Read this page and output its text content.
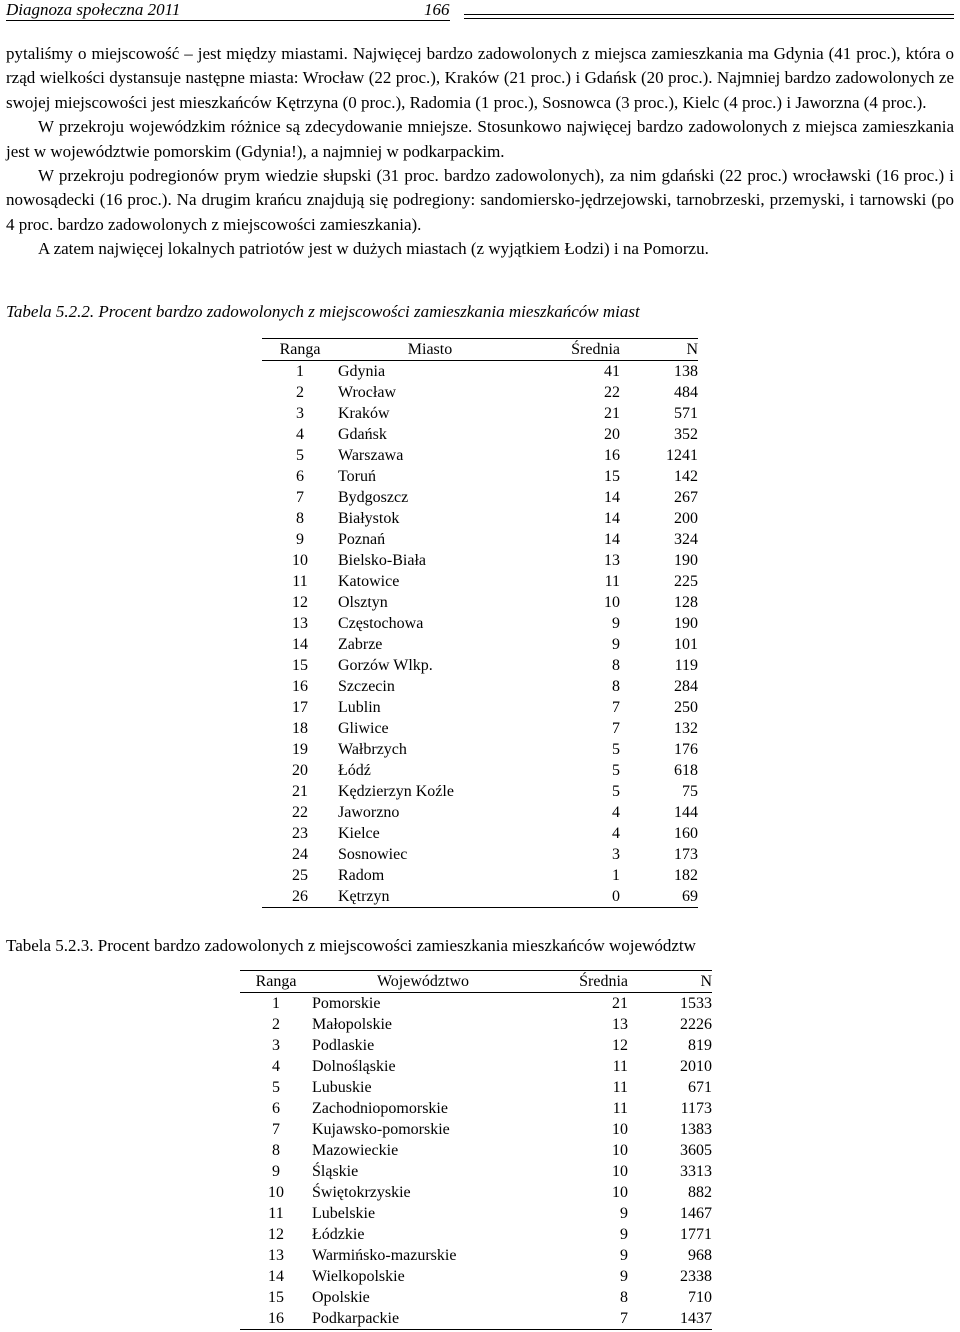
Diagnoza społeczna 2011	166

pytaliśmy o miejscowość – jest między miastami. Najwięcej bardzo zadowolonych z miejsca zamieszkania ma Gdynia (41 proc.), która o rząd wielkości dystansuje następne miasta: Wrocław (22 proc.), Kraków (21 proc.) i Gdańsk (20 proc.). Najmniej bardzo zadowolonych ze swojej miejscowości jest mieszkańców Kętrzyna (0 proc.), Radomia (1 proc.), Sosnowca (3 proc.), Kielc (4 proc.) i Jaworzna (4 proc.).

W przekroju wojewódzkim różnice są zdecydowanie mniejsze. Stosunkowo najwięcej bardzo zadowolonych z miejsca zamieszkania jest w województwie pomorskim (Gdynia!), a najmniej w podkarpackim.

W przekroju podregionów prym wiedzie słupski (31 proc. bardzo zadowolonych), za nim gdański (22 proc.) wrocławski (16 proc.) i nowosądecki (16 proc.). Na drugim krańcu znajdują się podregiony: sandomiersko-jędrzejowski, tarnobrzeski, przemyski, i tarnowski (po 4 proc. bardzo zadowolonych z miejscowości zamieszkania).

A zatem najwięcej lokalnych patriotów jest w dużych miastach (z wyjątkiem Łodzi) i na Pomorzu.

Tabela 5.2.2. Procent bardzo zadowolonych z miejscowości zamieszkania mieszkańców miast
Ranga	Miasto	Średnia	N
1	Gdynia	41	138
2	Wrocław	22	484
3	Kraków	21	571
4	Gdańsk	20	352
5	Warszawa	16	1241
6	Toruń	15	142
7	Bydgoszcz	14	267
8	Białystok	14	200
9	Poznań	14	324
10	Bielsko-Biała	13	190
11	Katowice	11	225
12	Olsztyn	10	128
13	Częstochowa	9	190
14	Zabrze	9	101
15	Gorzów Wlkp.	8	119
16	Szczecin	8	284
17	Lublin	7	250
18	Gliwice	7	132
19	Wałbrzych	5	176
20	Łódź	5	618
21	Kędzierzyn Koźle	5	75
22	Jaworzno	4	144
23	Kielce	4	160
24	Sosnowiec	3	173
25	Radom	1	182
26	Kętrzyn	0	69
Tabela 5.2.3. Procent bardzo zadowolonych z miejscowości zamieszkania mieszkańców województw
Ranga	Województwo	Średnia	N
1	Pomorskie	21	1533
2	Małopolskie	13	2226
3	Podlaskie	12	819
4	Dolnośląskie	11	2010
5	Lubuskie	11	671
6	Zachodniopomorskie	11	1173
7	Kujawsko-pomorskie	10	1383
8	Mazowieckie	10	3605
9	Śląskie	10	3313
10	Świętokrzyskie	10	882
11	Lubelskie	9	1467
12	Łódzkie	9	1771
13	Warmińsko-mazurskie	9	968
14	Wielkopolskie	9	2338
15	Opolskie	8	710
16	Podkarpackie	7	1437
